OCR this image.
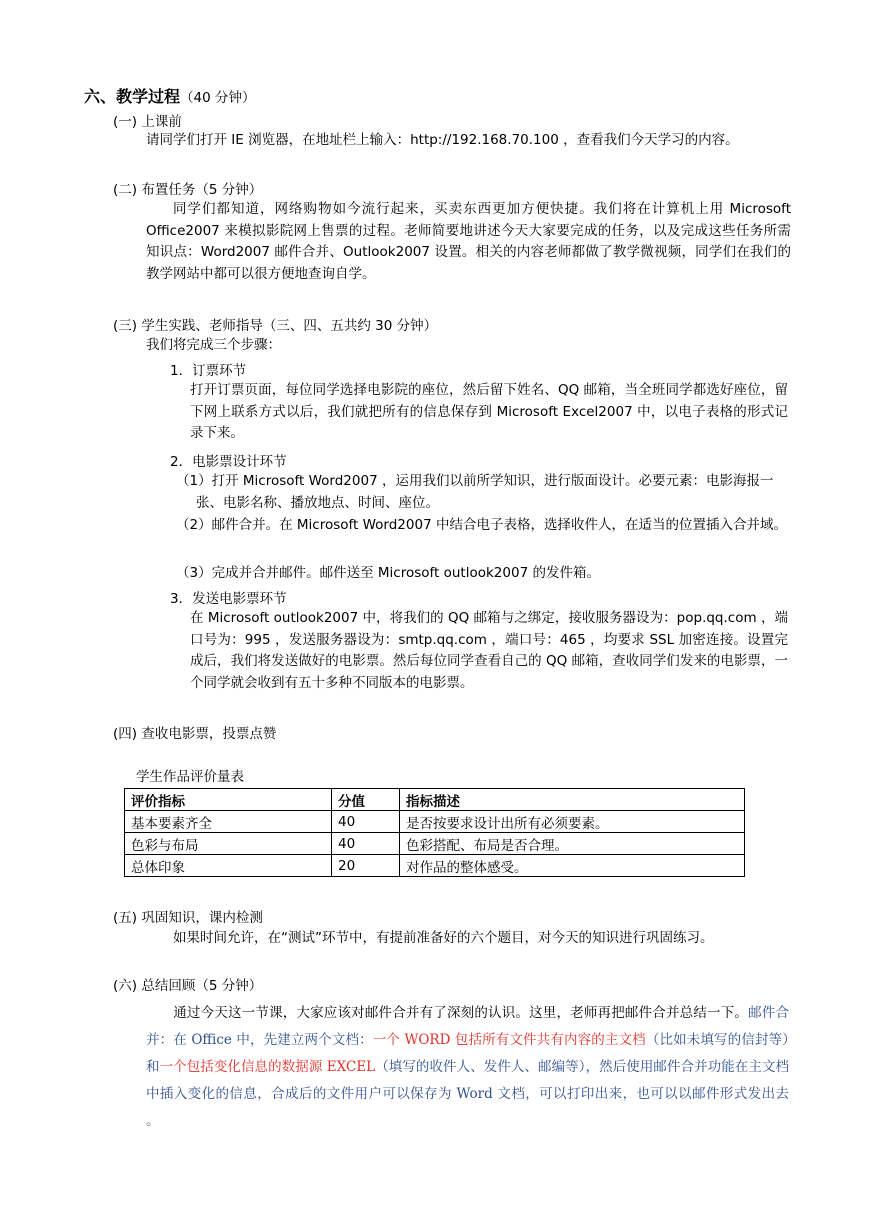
六、教学过程（40 分钟）
(一) 上课前
请同学们打开 IE 浏览器，在地址栏上输入：http://192.168.70.100 ，查看我们今天学习的内容。
(二) 布置任务（5 分钟）
同学们都知道，网络购物如今流行起来，买卖东西更加方便快捷。我们将在计算机上用 Microsoft Office2007 来模拟影院网上售票的过程。老师简要地讲述今天大家要完成的任务，以及完成这些任务所需知识点：Word2007 邮件合并、Outlook2007 设置。相关的内容老师都做了教学微视频，同学们在我们的教学网站中都可以很方便地查询自学。
(三) 学生实践、老师指导（三、四、五共约 30 分钟）
我们将完成三个步骤：
1．订票环节
打开订票页面，每位同学选择电影院的座位，然后留下姓名、QQ 邮箱，当全班同学都选好座位，留下网上联系方式以后，我们就把所有的信息保存到 Microsoft Excel2007 中，以电子表格的形式记录下来。
2．电影票设计环节
（1）打开 Microsoft Word2007 ，运用我们以前所学知识，进行版面设计。必要元素：电影海报一张、电影名称、播放地点、时间、座位。
（2）邮件合并。在 Microsoft Word2007 中结合电子表格，选择收件人，在适当的位置插入合并域。
（3）完成并合并邮件。邮件送至 Microsoft outlook2007 的发件箱。
3．发送电影票环节
在 Microsoft outlook2007 中，将我们的 QQ 邮箱与之绑定，接收服务器设为：pop.qq.com ，端口号为：995 ，发送服务器设为：smtp.qq.com ，端口号：465 ，均要求 SSL 加密连接。设置完成后，我们将发送做好的电影票。然后每位同学查看自己的 QQ 邮箱，查收同学们发来的电影票，一个同学就会收到有五十多种不同版本的电影票。
(四) 查收电影票，投票点赞
学生作品评价量表
评价指标	分值	指标描述
基本要素齐全	40	是否按要求设计出所有必须要素。
色彩与布局	40	色彩搭配、布局是否合理。
总体印象	20	对作品的整体感受。
(五) 巩固知识，课内检测
如果时间允许，在“测试”环节中，有提前准备好的六个题目，对今天的知识进行巩固练习。
(六) 总结回顾（5 分钟）
通过今天这一节课，大家应该对邮件合并有了深刻的认识。这里，老师再把邮件合并总结一下。邮件合并：在 Office 中，先建立两个文档：一个 WORD 包括所有文件共有内容的主文档（比如未填写的信封等）和一个包括变化信息的数据源 EXCEL（填写的收件人、发件人、邮编等），然后使用邮件合并功能在主文档中插入变化的信息，合成后的文件用户可以保存为 Word 文档，可以打印出来，也可以以邮件形式发出去 。
